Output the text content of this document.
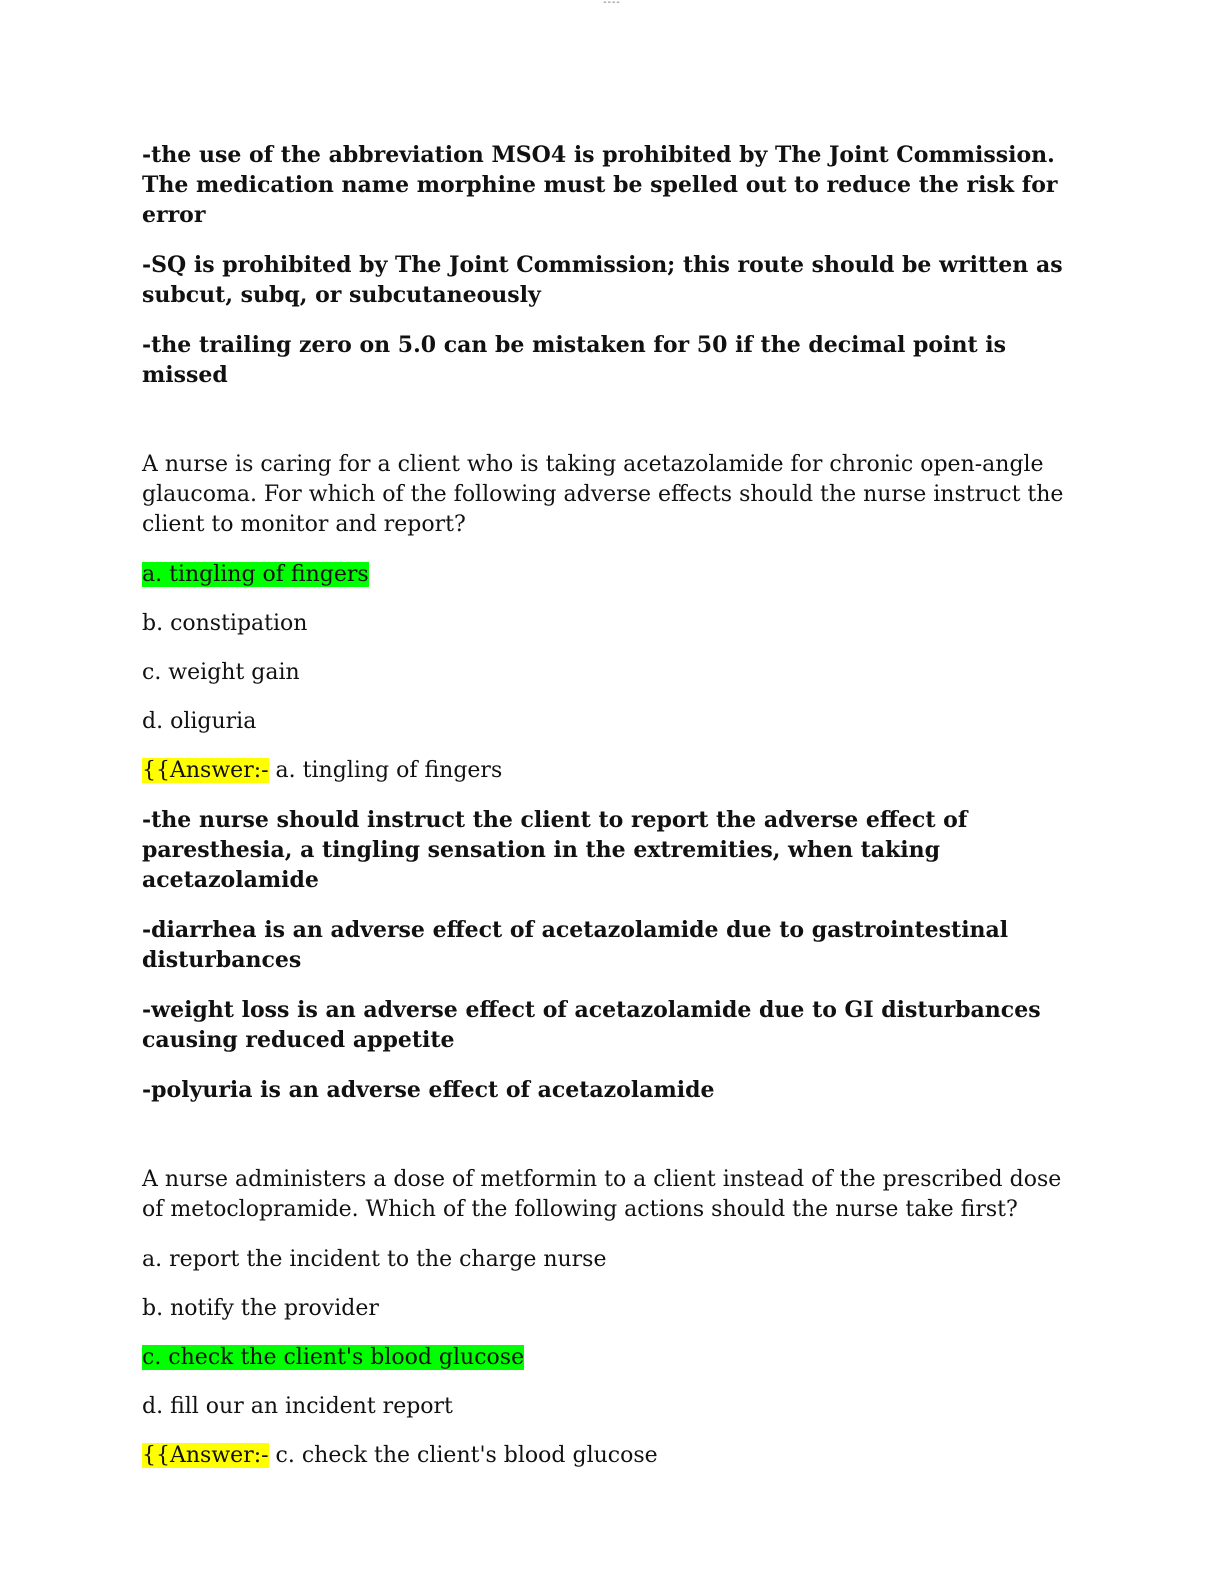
----

-the use of the abbreviation MSO4 is prohibited by The Joint Commission. The medication name morphine must be spelled out to reduce the risk for error

-SQ is prohibited by The Joint Commission; this route should be written as subcut, subq, or subcutaneously

-the trailing zero on 5.0 can be mistaken for 50 if the decimal point is missed

A nurse is caring for a client who is taking acetazolamide for chronic open-angle glaucoma. For which of the following adverse effects should the nurse instruct the client to monitor and report?

a. tingling of fingers

b. constipation

c. weight gain

d. oliguria

{{Answer:- a. tingling of fingers

-the nurse should instruct the client to report the adverse effect of paresthesia, a tingling sensation in the extremities, when taking acetazolamide

-diarrhea is an adverse effect of acetazolamide due to gastrointestinal disturbances

-weight loss is an adverse effect of acetazolamide due to GI disturbances causing reduced appetite

-polyuria is an adverse effect of acetazolamide

A nurse administers a dose of metformin to a client instead of the prescribed dose of metoclopramide. Which of the following actions should the nurse take first?

a. report the incident to the charge nurse

b. notify the provider

c. check the client's blood glucose

d. fill our an incident report

{{Answer:- c. check the client's blood glucose
